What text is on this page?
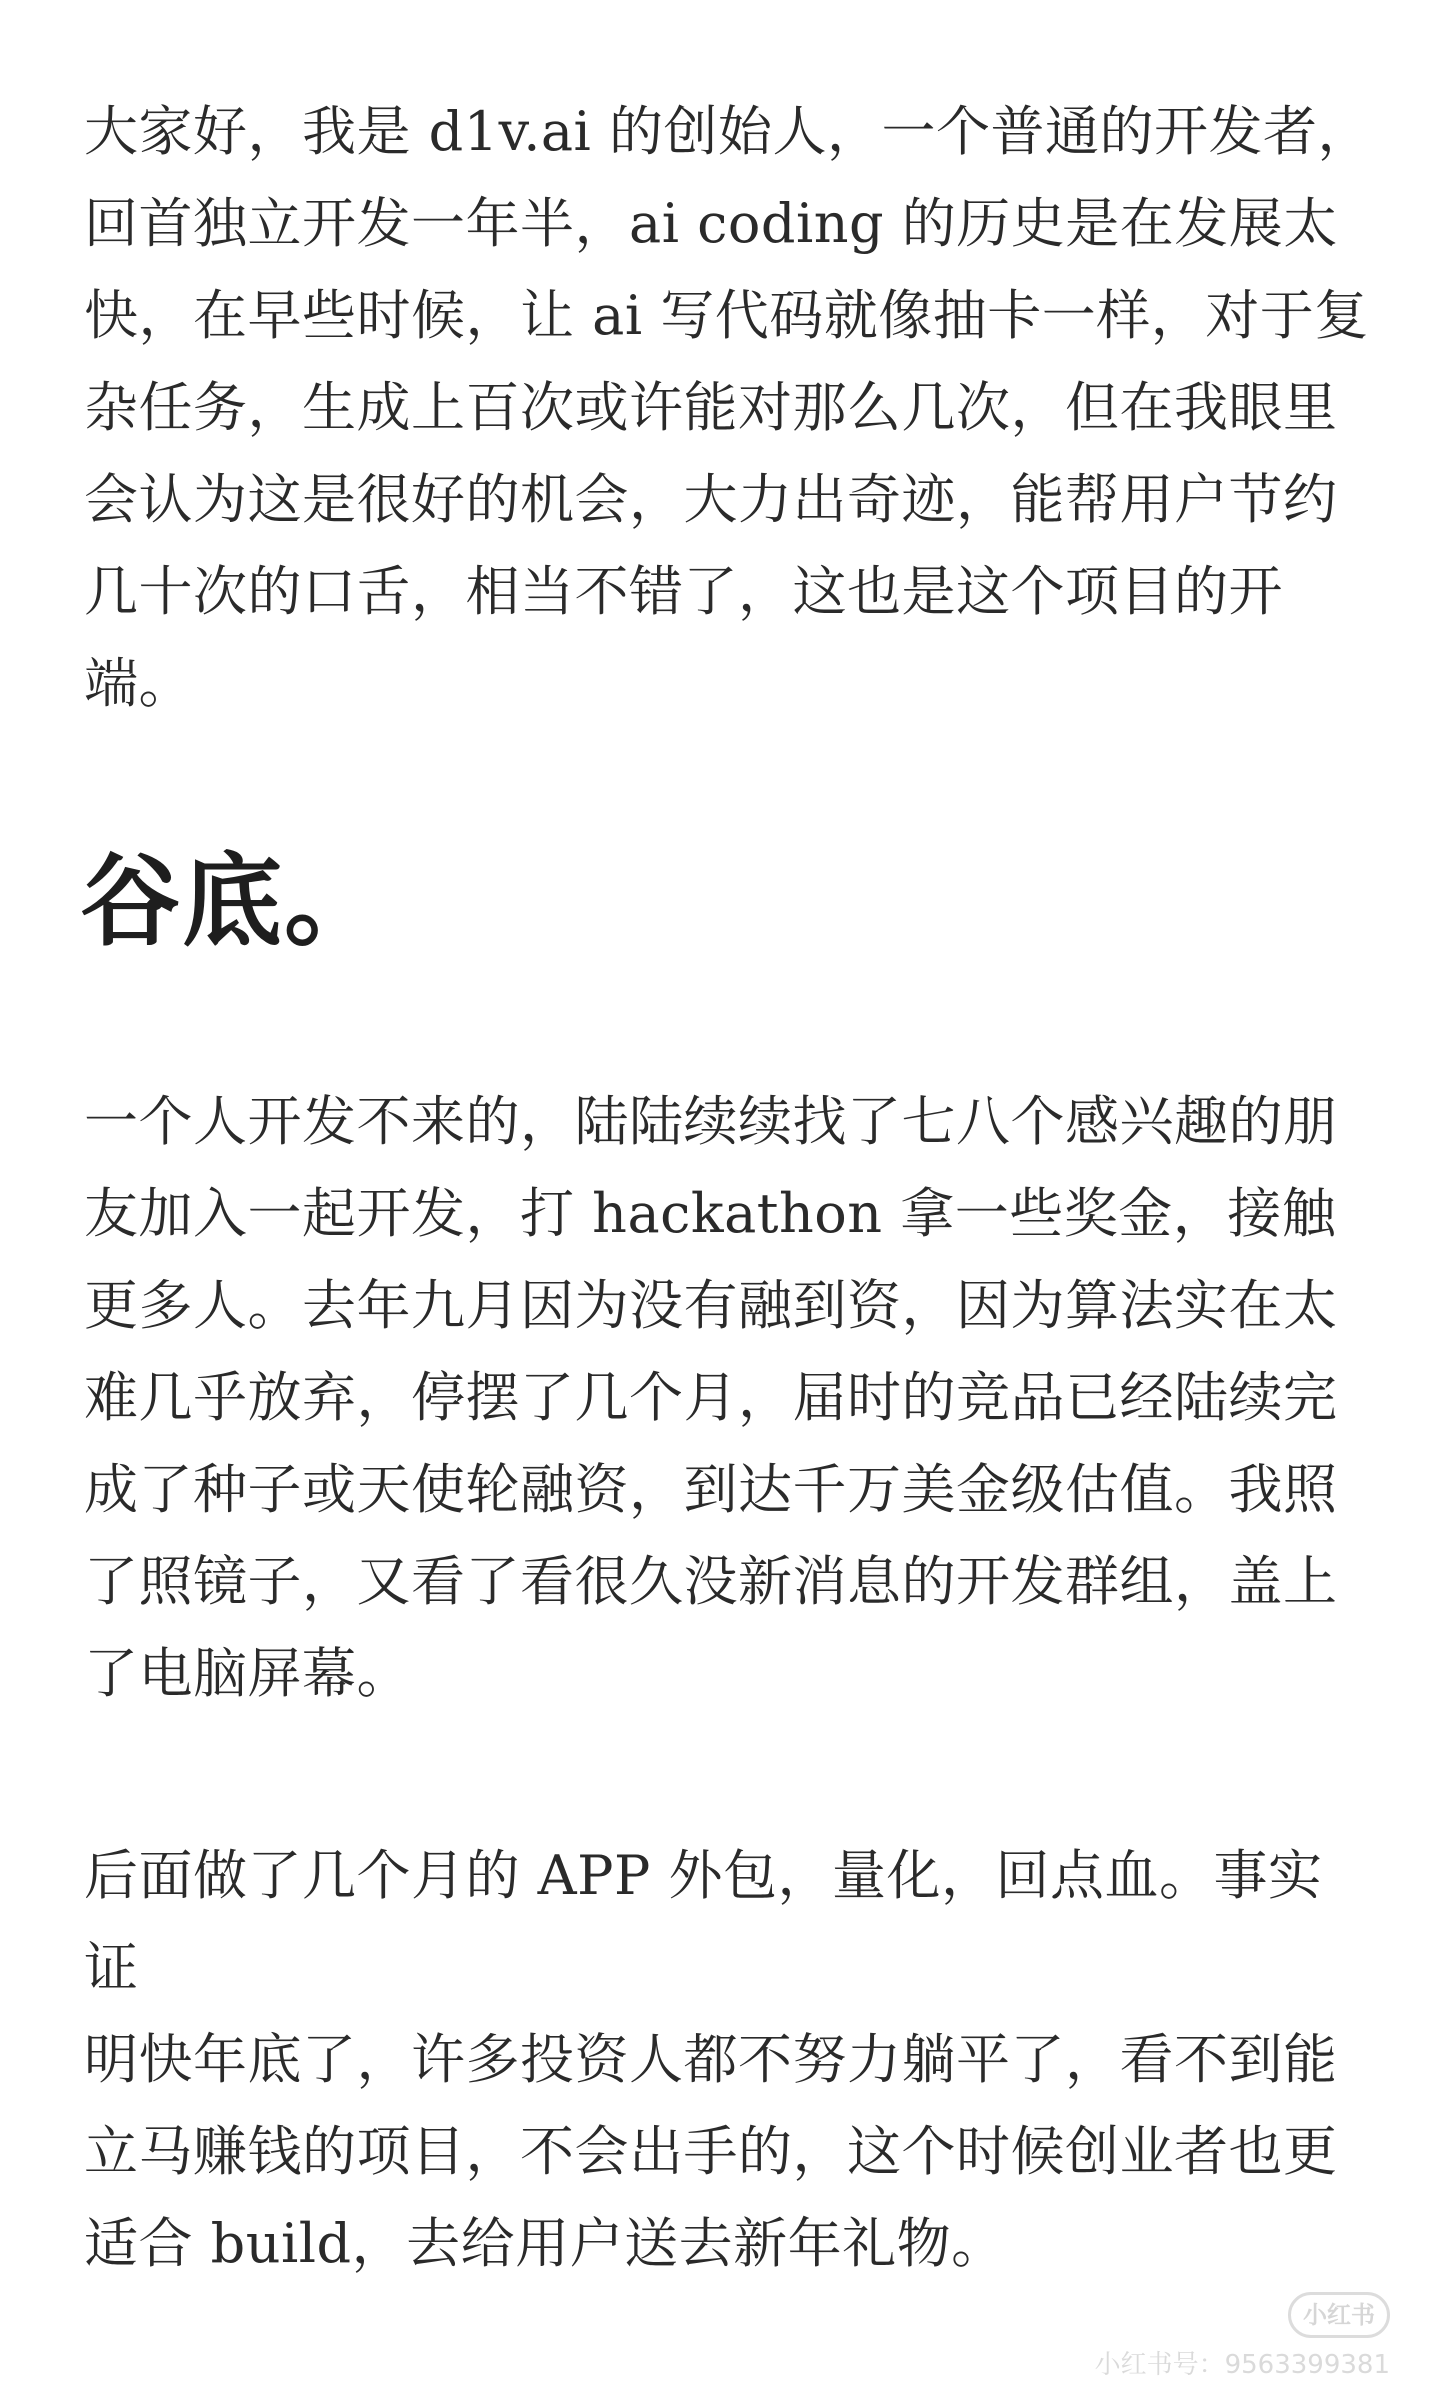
大家好，我是 d1v.ai 的创始人，一个普通的开发者，
回首独立开发一年半，ai coding 的历史是在发展太
快，在早些时候，让 ai 写代码就像抽卡一样，对于复
杂任务，生成上百次或许能对那么几次，但在我眼里
会认为这是很好的机会，大力出奇迹，能帮用户节约
几十次的口舌，相当不错了，这也是这个项目的开
端。

谷底。

一个人开发不来的，陆陆续续找了七八个感兴趣的朋
友加入一起开发，打 hackathon 拿一些奖金，接触
更多人。去年九月因为没有融到资，因为算法实在太
难几乎放弃，停摆了几个月，届时的竞品已经陆续完
成了种子或天使轮融资，到达千万美金级估值。我照
了照镜子，又看了看很久没新消息的开发群组，盖上
了电脑屏幕。

后面做了几个月的 APP 外包，量化，回点血。事实证
明快年底了，许多投资人都不努力躺平了，看不到能
立马赚钱的项目，不会出手的，这个时候创业者也更
适合 build，去给用户送去新年礼物。

小红书
小红书号：9563399381
